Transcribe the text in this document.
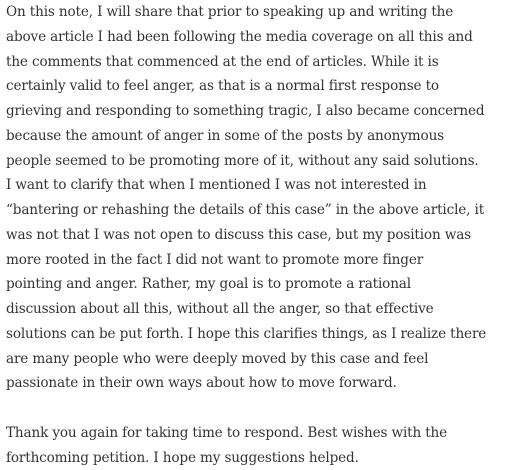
On this note, I will share that prior to speaking up and writing the
above article I had been following the media coverage on all this and
the comments that commenced at the end of articles. While it is
certainly valid to feel anger, as that is a normal first response to
grieving and responding to something tragic, I also became concerned
because the amount of anger in some of the posts by anonymous
people seemed to be promoting more of it, without any said solutions.
I want to clarify that when I mentioned I was not interested in
“bantering or rehashing the details of this case” in the above article, it
was not that I was not open to discuss this case, but my position was
more rooted in the fact I did not want to promote more finger
pointing and anger. Rather, my goal is to promote a rational
discussion about all this, without all the anger, so that effective
solutions can be put forth. I hope this clarifies things, as I realize there
are many people who were deeply moved by this case and feel
passionate in their own ways about how to move forward.

Thank you again for taking time to respond. Best wishes with the
forthcoming petition. I hope my suggestions helped.
